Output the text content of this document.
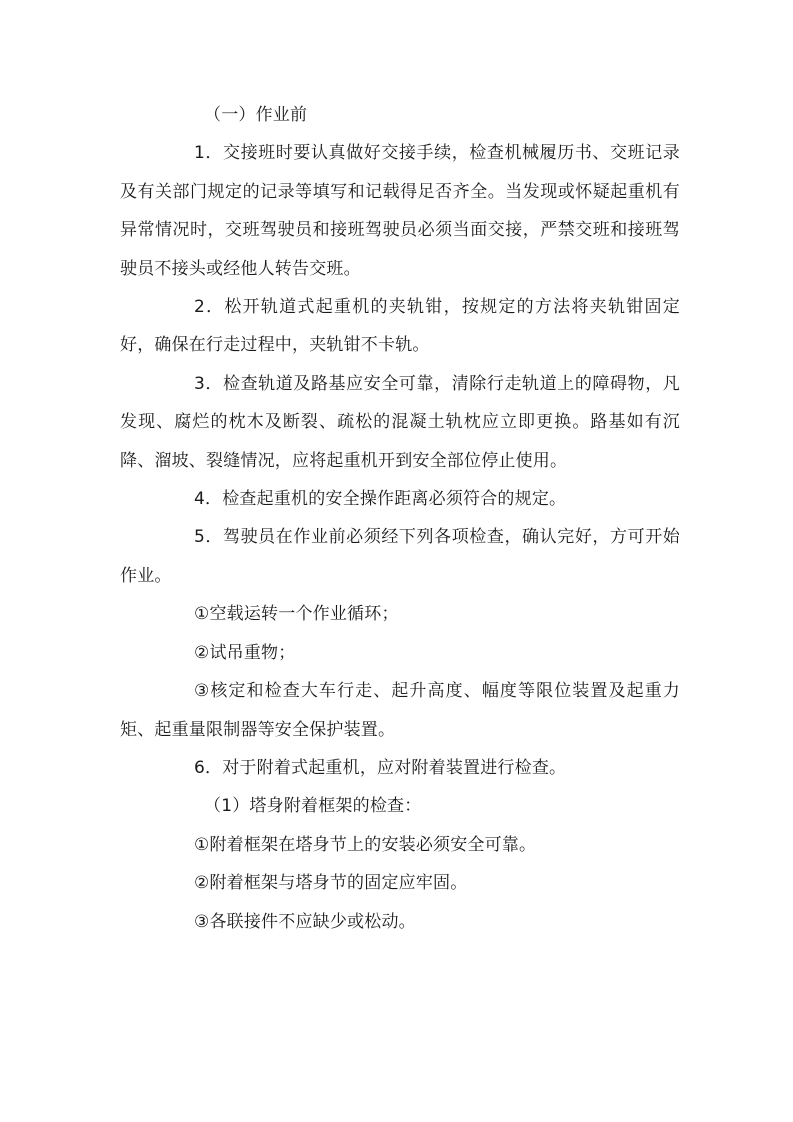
（一）作业前

1．交接班时要认真做好交接手续，检查机械履历书、交班记录及有关部门规定的记录等填写和记载得足否齐全。当发现或怀疑起重机有异常情况时，交班驾驶员和接班驾驶员必须当面交接，严禁交班和接班驾驶员不接头或经他人转告交班。

2．松开轨道式起重机的夹轨钳，按规定的方法将夹轨钳固定好，确保在行走过程中，夹轨钳不卡轨。

3．检查轨道及路基应安全可靠，清除行走轨道上的障碍物，凡发现、腐烂的枕木及断裂、疏松的混凝土轨枕应立即更换。路基如有沉降、溜坡、裂缝情况，应将起重机开到安全部位停止使用。

4．检查起重机的安全操作距离必须符合的规定。

5．驾驶员在作业前必须经下列各项检查，确认完好，方可开始作业。

①空载运转一个作业循环；

②试吊重物；

③核定和检查大车行走、起升高度、幅度等限位装置及起重力矩、起重量限制器等安全保护装置。

6．对于附着式起重机，应对附着装置进行检查。

（1）塔身附着框架的检查：

①附着框架在塔身节上的安装必须安全可靠。

②附着框架与塔身节的固定应牢固。

③各联接件不应缺少或松动。
